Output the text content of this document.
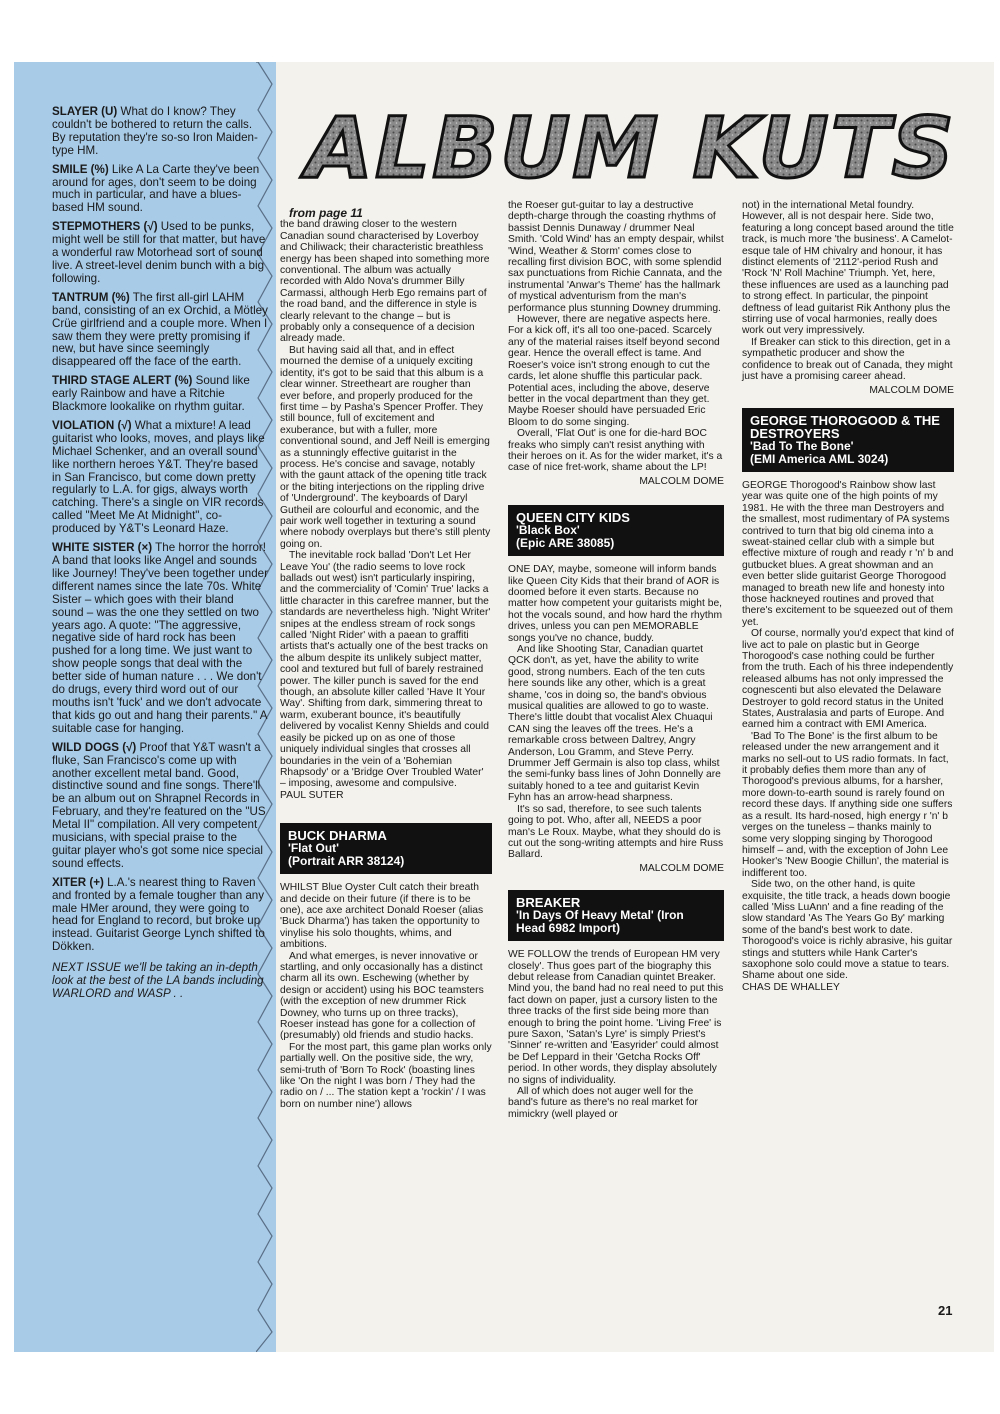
SLAYER (U) What do I know? They couldn't be bothered to return the calls. By reputation they're so-so Iron Maiden-type HM.

SMILE (%) Like A La Carte they've been around for ages, don't seem to be doing much in particular, and have a blues-based HM sound.

STEPMOTHERS (√) Used to be punks, might well be still for that matter, but have a wonderful raw Motorhead sort of sound live. A street-level denim bunch with a big following.

TANTRUM (%) The first all-girl LAHM band, consisting of an ex Orchid, a Mötley Crüe girlfriend and a couple more. When I saw them they were pretty promising if new, but have since seemingly disappeared off the face of the earth.

THIRD STAGE ALERT (%) Sound like early Rainbow and have a Ritchie Blackmore lookalike on rhythm guitar.

VIOLATION (√) What a mixture! A lead guitarist who looks, moves, and plays like Michael Schenker, and an overall sound like northern heroes Y&T. They're based in San Francisco, but come down pretty regularly to L.A. for gigs, always worth catching. There's a single on VIR records called "Meet Me At Midnight", co-produced by Y&T's Leonard Haze.

WHITE SISTER (×) The horror the horror! A band that looks like Angel and sounds like Journey! They've been together under different names since the late 70s. White Sister – which goes with their bland sound – was the one they settled on two years ago. A quote: "The aggressive, negative side of hard rock has been pushed for a long time. We just want to show people songs that deal with the better side of human nature . . . We don't do drugs, every third word out of our mouths isn't 'fuck' and we don't advocate that kids go out and hang their parents." A suitable case for hanging.

WILD DOGS (√) Proof that Y&T wasn't a fluke, San Francisco's come up with another excellent metal band. Good, distinctive sound and fine songs. There'll be an album out on Shrapnel Records in February, and they're featured on the "US Metal II" compilation. All very competent musicians, with special praise to the guitar player who's got some nice special sound effects.

XITER (+) L.A.'s nearest thing to Raven and fronted by a female tougher than any male HMer around, they were going to head for England to record, but broke up instead. Guitarist George Lynch shifted to Dökken.

NEXT ISSUE we'll be taking an in-depth look at the best of the LA bands including WARLORD and WASP . .

ALBUM KUTS

from page 11

the band drawing closer to the western Canadian sound characterised by Loverboy and Chiliwack; their characteristic breathless energy has been shaped into something more conventional. The album was actually recorded with Aldo Nova's drummer Billy Carmassi, although Herb Ego remains part of the road band, and the difference in style is clearly relevant to the change – but is probably only a consequence of a decision already made.

But having said all that, and in effect mourned the demise of a uniquely exciting identity, it's got to be said that this album is a clear winner. Streetheart are rougher than ever before, and properly produced for the first time – by Pasha's Spencer Proffer. They still bounce, full of excitement and exuberance, but with a fuller, more conventional sound, and Jeff Neill is emerging as a stunningly effective guitarist in the process. He's concise and savage, notably with the gaunt attack of the opening title track or the biting interjections on the rippling drive of 'Underground'. The keyboards of Daryl Gutheil are colourful and economic, and the pair work well together in texturing a sound where nobody overplays but there's still plenty going on.

The inevitable rock ballad 'Don't Let Her Leave You' (the radio seems to love rock ballads out west) isn't particularly inspiring, and the commerciality of 'Comin' True' lacks a little character in this carefree manner, but the standards are nevertheless high. 'Night Writer' snipes at the endless stream of rock songs called 'Night Rider' with a paean to graffiti artists that's actually one of the best tracks on the album despite its unlikely subject matter, cool and textured but full of barely restrained power. The killer punch is saved for the end though, an absolute killer called 'Have It Your Way'. Shifting from dark, simmering threat to warm, exuberant bounce, it's beautifully delivered by vocalist Kenny Shields and could easily be picked up on as one of those uniquely individual singles that crosses all boundaries in the vein of a 'Bohemian Rhapsody' or a 'Bridge Over Troubled Water' – imposing, awesome and compulsive.

PAUL SUTER

BUCK DHARMA
'Flat Out'
(Portrait ARR 38124)

WHILST Blue Oyster Cult catch their breath and decide on their future (if there is to be one), ace axe architect Donald Roeser (alias 'Buck Dharma') has taken the opportunity to vinylise his solo thoughts, whims, and ambitions.

And what emerges, is never innovative or startling, and only occasionally has a distinct charm all its own. Eschewing (whether by design or accident) using his BOC teamsters (with the exception of new drummer Rick Downey, who turns up on three tracks), Roeser instead has gone for a collection of (presumably) old friends and studio hacks.

For the most part, this game plan works only partially well. On the positive side, the wry, semi-truth of 'Born To Rock' (boasting lines like 'On the night I was born / They had the radio on / ... The station kept a 'rockin' / I was born on number nine') allows

the Roeser gut-guitar to lay a destructive depth-charge through the coasting rhythms of bassist Dennis Dunaway / drummer Neal Smith. 'Cold Wind' has an empty despair, whilst 'Wind, Weather & Storm' comes close to recalling first division BOC, with some splendid sax punctuations from Richie Cannata, and the instrumental 'Anwar's Theme' has the hallmark of mystical adventurism from the man's performance plus stunning Downey drumming.

However, there are negative aspects here. For a kick off, it's all too one-paced. Scarcely any of the material raises itself beyond second gear. Hence the overall effect is tame. And Roeser's voice isn't strong enough to cut the cards, let alone shuffle this particular pack. Potential aces, including the above, deserve better in the vocal department than they get. Maybe Roeser should have persuaded Eric Bloom to do some singing.

Overall, 'Flat Out' is one for die-hard BOC freaks who simply can't resist anything with their heroes on it. As for the wider market, it's a case of nice fret-work, shame about the LP!

MALCOLM DOME

QUEEN CITY KIDS
'Black Box'
(Epic ARE 38085)

ONE DAY, maybe, someone will inform bands like Queen City Kids that their brand of AOR is doomed before it even starts. Because no matter how competent your guitarists might be, hot the vocals sound, and how hard the rhythm drives, unless you can pen MEMORABLE songs you've no chance, buddy.

And like Shooting Star, Canadian quartet QCK don't, as yet, have the ability to write good, strong numbers. Each of the ten cuts here sounds like any other, which is a great shame, 'cos in doing so, the band's obvious musical qualities are allowed to go to waste. There's little doubt that vocalist Alex Chuaqui CAN sing the leaves off the trees. He's a remarkable cross between Daltrey, Angry Anderson, Lou Gramm, and Steve Perry. Drummer Jeff Germain is also top class, whilst the semi-funky bass lines of John Donnelly are suitably honed to a tee and guitarist Kevin Fyhn has an arrow-head sharpness.

It's so sad, therefore, to see such talents going to pot. Who, after all, NEEDS a poor man's Le Roux. Maybe, what they should do is cut out the song-writing attempts and hire Russ Ballard.

MALCOLM DOME

BREAKER
'In Days Of Heavy Metal' (Iron
Head 6982 Import)

WE FOLLOW the trends of European HM very closely'. Thus goes part of the biography this debut release from Canadian quintet Breaker. Mind you, the band had no real need to put this fact down on paper, just a cursory listen to the three tracks of the first side being more than enough to bring the point home. 'Living Free' is pure Saxon, 'Satan's Lyre' is simply Priest's 'Sinner' re-written and 'Easyrider' could almost be Def Leppard in their 'Getcha Rocks Off' period. In other words, they display absolutely no signs of individuality.

All of which does not auger well for the band's future as there's no real market for mimickry (well played or

not) in the international Metal foundry. However, all is not despair here. Side two, featuring a long concept based around the title track, is much more 'the business'. A Camelot-esque tale of HM chivalry and honour, it has distinct elements of '2112'-period Rush and 'Rock 'N' Roll Machine' Triumph. Yet, here, these influences are used as a launching pad to strong effect. In particular, the pinpoint deftness of lead guitarist Rik Anthony plus the stirring use of vocal harmonies, really does work out very impressively.

If Breaker can stick to this direction, get in a sympathetic producer and show the confidence to break out of Canada, they might just have a promising career ahead.

MALCOLM DOME

GEORGE THOROGOOD & THE
DESTROYERS
'Bad To The Bone'
(EMI America AML 3024)

GEORGE Thorogood's Rainbow show last year was quite one of the high points of my 1981. He with the three man Destroyers and the smallest, most rudimentary of PA systems contrived to turn that big old cinema into a sweat-stained cellar club with a simple but effective mixture of rough and ready r 'n' b and gutbucket blues. A great showman and an even better slide guitarist George Thorogood managed to breath new life and honesty into those hackneyed routines and proved that there's excitement to be squeezed out of them yet.

Of course, normally you'd expect that kind of live act to pale on plastic but in George Thorogood's case nothing could be further from the truth. Each of his three independently released albums has not only impressed the cognescenti but also elevated the Delaware Destroyer to gold record status in the United States, Australasia and parts of Europe. And earned him a contract with EMI America.

'Bad To The Bone' is the first album to be released under the new arrangement and it marks no sell-out to US radio formats. In fact, it probably defies them more than any of Thorogood's previous albums, for a harsher, more down-to-earth sound is rarely found on record these days. If anything side one suffers as a result. Its hard-nosed, high energy r 'n' b verges on the tuneless – thanks mainly to some very slopping singing by Thorogood himself – and, with the exception of John Lee Hooker's 'New Boogie Chillun', the material is indifferent too.

Side two, on the other hand, is quite exquisite, the title track, a heads down boogie called 'Miss LuAnn' and a fine reading of the slow standard 'As The Years Go By' marking some of the band's best work to date. Thorogood's voice is richly abrasive, his guitar stings and stutters while Hank Carter's saxophone solo could move a statue to tears. Shame about one side.

CHAS DE WHALLEY

21
